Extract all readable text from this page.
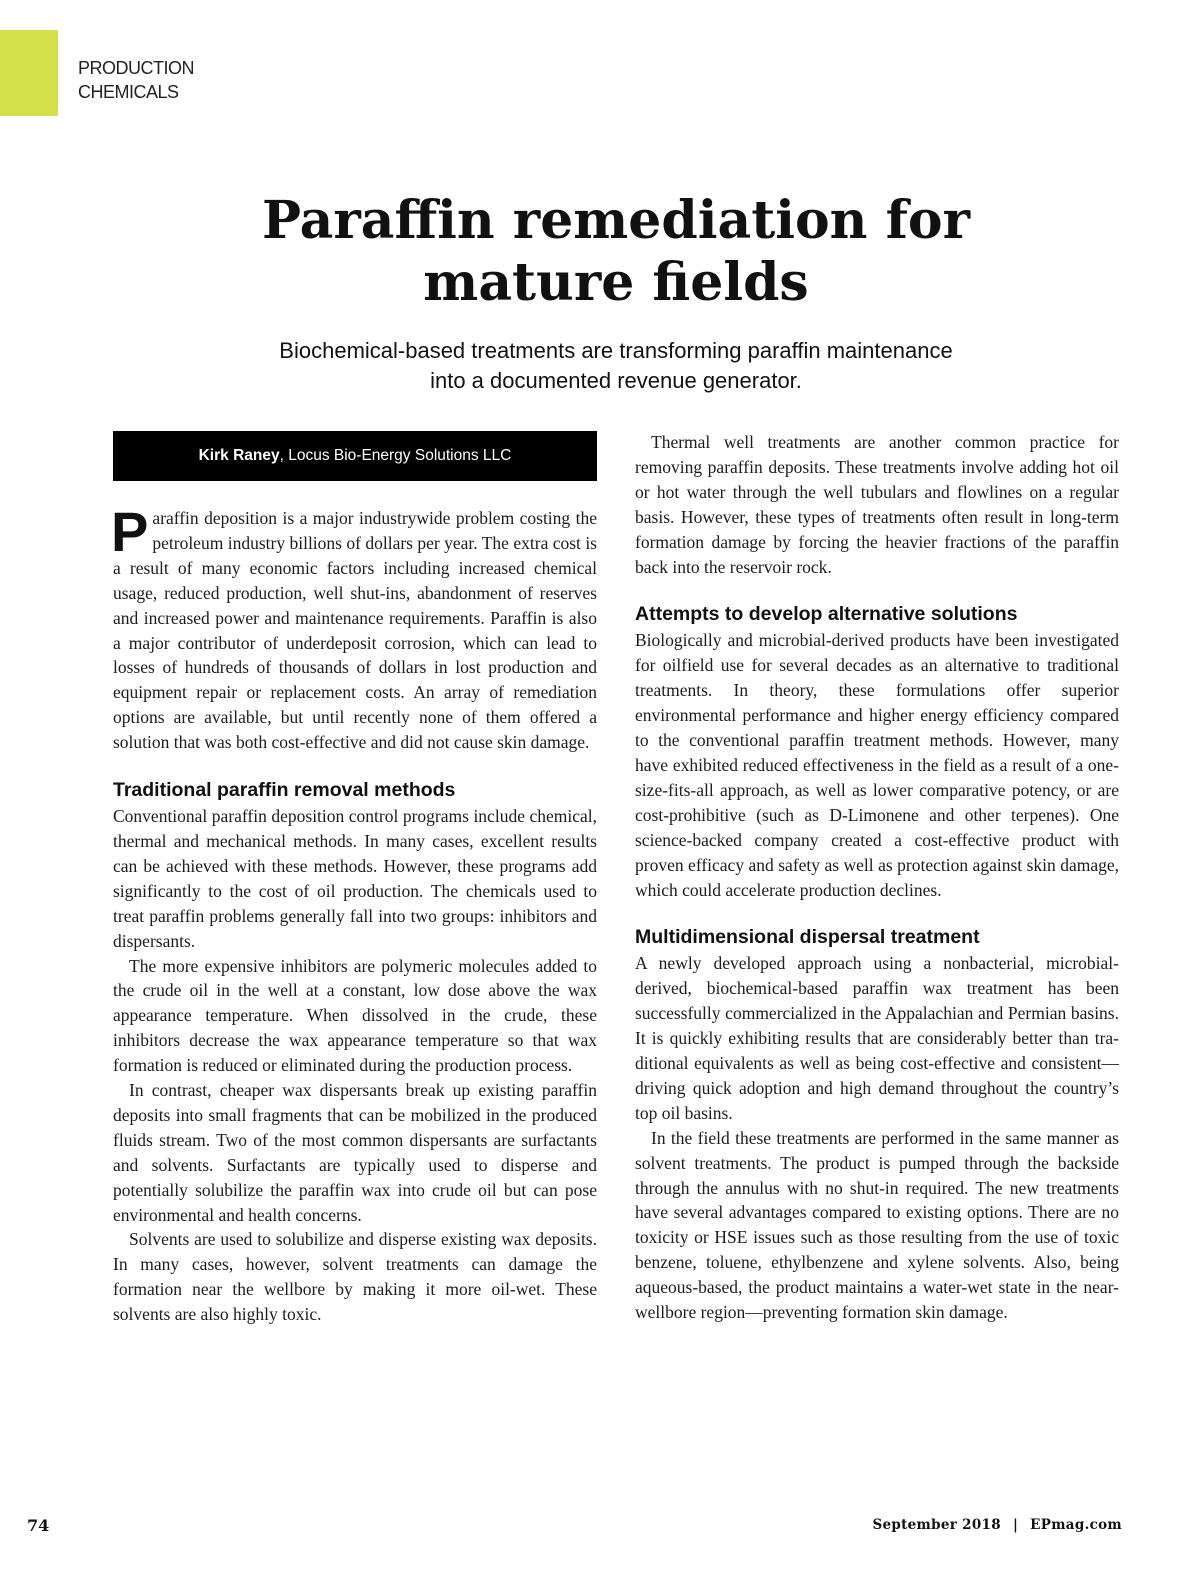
PRODUCTION
CHEMICALS
Paraffin remediation for
mature fields
Biochemical-based treatments are transforming paraffin maintenance
into a documented revenue generator.
Kirk Raney, Locus Bio-Energy Solutions LLC

Paraffin deposition is a major industrywide problem costing the petroleum industry billions of dollars per year. The extra cost is a result of many economic factors including increased chemical usage, reduced production, well shut-ins, abandonment of reserves and increased power and maintenance requirements. Paraffin is also a major contributor of underdeposit corrosion, which can lead to losses of hundreds of thousands of dollars in lost production and equipment repair or replacement costs. An array of remediation options are available, but until recently none of them offered a solution that was both cost-effective and did not cause skin damage.

Traditional paraffin removal methods

Conventional paraffin deposition control programs include chemical, thermal and mechanical methods. In many cases, excellent results can be achieved with these methods. However, these programs add significantly to the cost of oil production. The chemicals used to treat paraffin problems generally fall into two groups: inhibitors and dispersants.

The more expensive inhibitors are polymeric molecules added to the crude oil in the well at a constant, low dose above the wax appearance temperature. When dissolved in the crude, these inhibitors decrease the wax appearance temperature so that wax formation is reduced or eliminated during the production process.

In contrast, cheaper wax dispersants break up existing paraffin deposits into small fragments that can be mobilized in the produced fluids stream. Two of the most common dispersants are surfactants and solvents. Surfactants are typically used to disperse and potentially solubilize the paraffin wax into crude oil but can pose environmental and health concerns.

Solvents are used to solubilize and disperse existing wax deposits. In many cases, however, solvent treatments can damage the formation near the wellbore by making it more oil-wet. These solvents are also highly toxic.

Thermal well treatments are another common practice for removing paraffin deposits. These treatments involve adding hot oil or hot water through the well tubulars and flowlines on a regular basis. However, these types of treatments often result in long-term formation damage by forcing the heavier fractions of the paraffin back into the reservoir rock.

Attempts to develop alternative solutions

Biologically and microbial-derived products have been investigated for oilfield use for several decades as an alternative to traditional treatments. In theory, these formulations offer superior environmental performance and higher energy efficiency compared to the conventional paraffin treatment methods. However, many have exhibited reduced effectiveness in the field as a result of a one-size-fits-all approach, as well as lower comparative potency, or are cost-prohibitive (such as D-Limonene and other terpenes). One science-backed company created a cost-effective product with proven efficacy and safety as well as protection against skin damage, which could accelerate production declines.

Multidimensional dispersal treatment

A newly developed approach using a nonbacterial, microbial-derived, biochemical-based paraffin wax treatment has been successfully commercialized in the Appalachian and Permian basins. It is quickly exhibiting results that are considerably better than traditional equivalents as well as being cost-effective and consistent—driving quick adoption and high demand throughout the country’s top oil basins.

In the field these treatments are performed in the same manner as solvent treatments. The product is pumped through the backside through the annulus with no shut-in required. The new treatments have several advantages compared to existing options. There are no toxicity or HSE issues such as those resulting from the use of toxic benzene, toluene, ethylbenzene and xylene solvents. Also, being aqueous-based, the product maintains a water-wet state in the near-wellbore region—preventing formation skin damage.

74	September 2018 | EPmag.com
